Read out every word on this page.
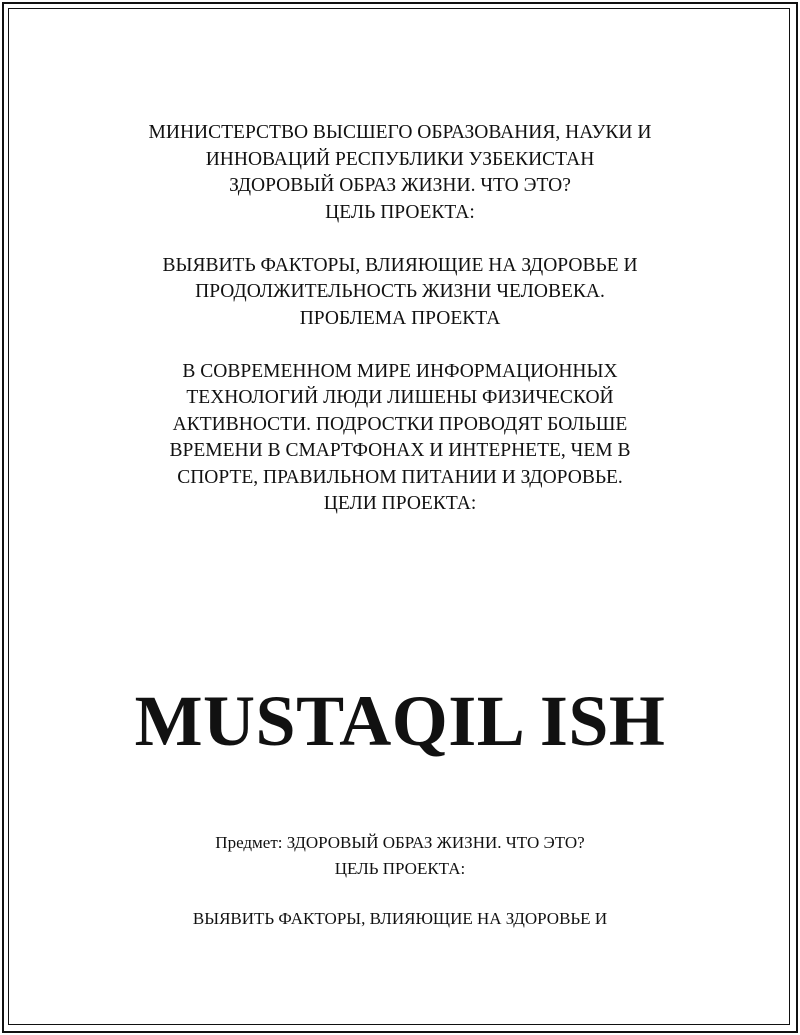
МИНИСТЕРСТВО ВЫСШЕГО ОБРАЗОВАНИЯ, НАУКИ И
ИННОВАЦИЙ РЕСПУБЛИКИ УЗБЕКИСТАН
ЗДОРОВЫЙ ОБРАЗ ЖИЗНИ. ЧТО ЭТО?
ЦЕЛЬ ПРОЕКТА:
ВЫЯВИТЬ ФАКТОРЫ, ВЛИЯЮЩИЕ НА ЗДОРОВЬЕ И
ПРОДОЛЖИТЕЛЬНОСТЬ ЖИЗНИ ЧЕЛОВЕКА.
ПРОБЛЕМА ПРОЕКТА
В СОВРЕМЕННОМ МИРЕ ИНФОРМАЦИОННЫХ
ТЕХНОЛОГИЙ ЛЮДИ ЛИШЕНЫ ФИЗИЧЕСКОЙ
АКТИВНОСТИ. ПОДРОСТКИ ПРОВОДЯТ БОЛЬШЕ
ВРЕМЕНИ В СМАРТФОНАХ И ИНТЕРНЕТЕ, ЧЕМ В
СПОРТЕ, ПРАВИЛЬНОМ ПИТАНИИ И ЗДОРОВЬЕ.
ЦЕЛИ ПРОЕКТА:
MUSTAQIL ISH
Предмет: ЗДОРОВЫЙ ОБРАЗ ЖИЗНИ. ЧТО ЭТО?
ЦЕЛЬ ПРОЕКТА:
ВЫЯВИТЬ ФАКТОРЫ, ВЛИЯЮЩИЕ НА ЗДОРОВЬЕ И
